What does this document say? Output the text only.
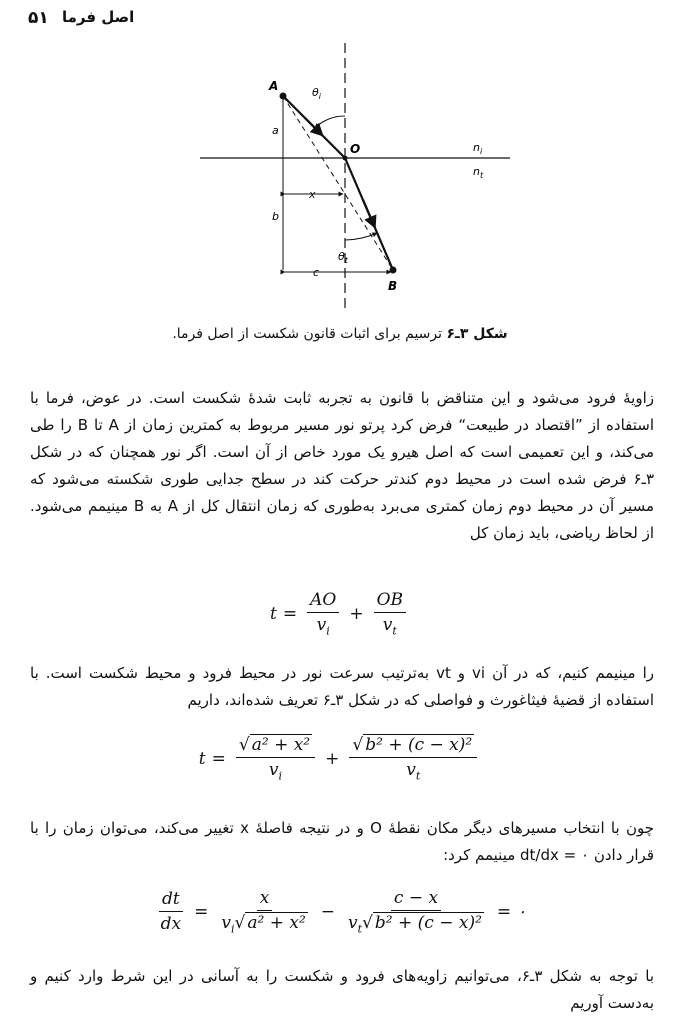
۵۱ اصل فرما
A
O
B
a
b
x
c
$\theta_i$
$\theta_t$
$n_i$
$n_t$
شکل ۳ـ۶ ترسیم برای اثبات قانون شکست از اصل فرما.
زاویهٔ فرود می‌شود و این متناقض با قانون به تجربه ثابت شدهٔ شکست است. در عوض، فرما با استفاده از ”اقتصاد در طبیعت“ فرض کرد پرتو نور مسیر مربوط به کمترین زمان از A تا B را طی می‌کند، و این تعمیمی است که اصل هیرو یک مورد خاص از آن است. اگر نور همچنان که در شکل ۳ـ۶ فرض شده است در محیط دوم کندتر حرکت کند در سطح جدایی طوری شکسته می‌شود که مسیر آن در محیط دوم زمان کمتری می‌برد به‌طوری که زمان انتقال کل از A به B مینیمم می‌شود. از لحاظ ریاضی، باید زمان کل
$t = \frac{AO}{v_i} + \frac{OB}{v_t}$
را مینیمم کنیم، که در آن vi و vt به‌ترتیب سرعت نور در محیط فرود و محیط شکست است. با استفاده از قضیهٔ فیثاغورث و فواصلی که در شکل ۳ـ۶ تعریف شده‌اند، داریم
$t = \frac{\text{√ a² + x²}}{v_i} + \frac{\text{√ b² + (c − x)²}}{v_t}$
چون با انتخاب مسیرهای دیگر مکان نقطهٔ O و در نتیجه فاصلهٔ x تغییر می‌کند، می‌توان زمان را با قرار دادن dt/dx = ۰ مینیمم کرد:
$\frac{dt}{dx} = \frac{x}{v_i√ a^2 + x^2} - \frac{c - x}{v_t√ b^2 + (c - x)^2}$ = ۰
با توجه به شکل ۳ـ۶، می‌توانیم زاویه‌های فرود و شکست را به آسانی در این شرط وارد کنیم و به‌دست آوریم
